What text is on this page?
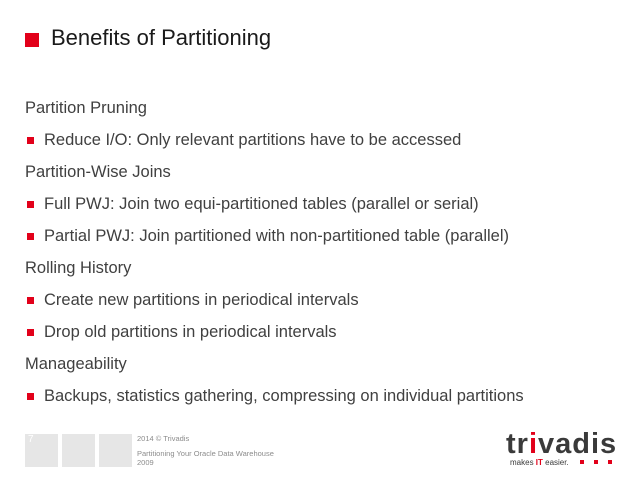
Benefits of Partitioning
Partition Pruning
Reduce I/O: Only relevant partitions have to be accessed
Partition-Wise Joins
Full PWJ: Join two equi-partitioned tables (parallel or serial)
Partial PWJ: Join partitioned with non-partitioned table (parallel)
Rolling History
Create new partitions in periodical intervals
Drop old partitions in periodical intervals
Manageability
Backups, statistics gathering, compressing on individual partitions
7	2014 © Trivadis
Partitioning Your Oracle Data Warehouse
2009
trivadis
makes IT easier.
